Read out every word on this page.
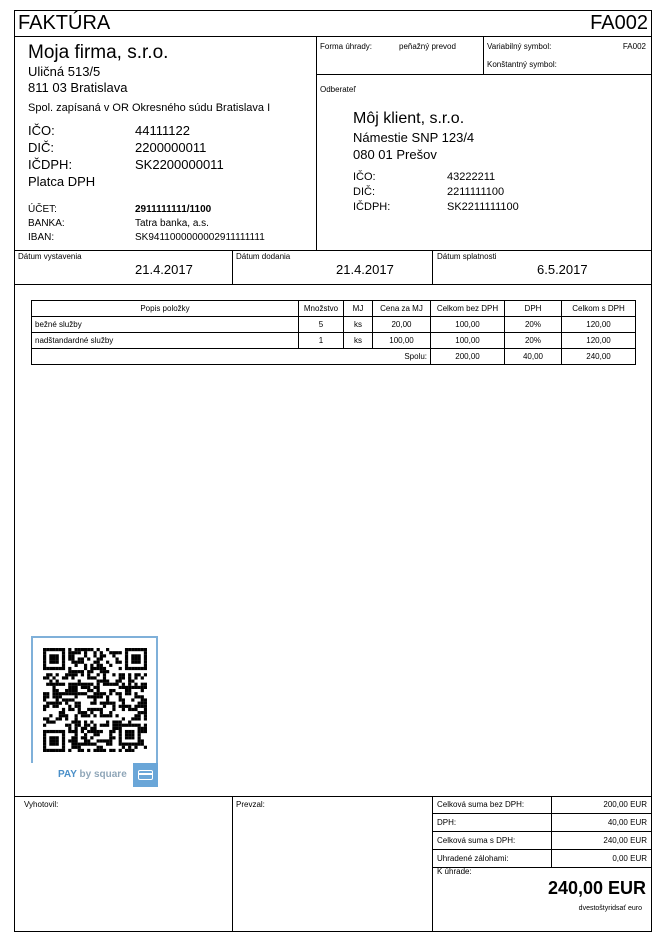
FAKTÚRA	FA002
Moja firma, s.r.o.
Uličná 513/5
811 03 Bratislava
Spol. zapísaná v OR Okresného súdu Bratislava I
IČO:	44111122
DIČ:	2200000011
IČDPH:	SK2200000011
Platca DPH
ÚČET:	2911111111/1100
BANKA:	Tatra banka, a.s.
IBAN:	SK9411000000002911111111
Forma úhrady:	peňažný prevod	Variabilný symbol:	FA002
Konštantný symbol:
Odberateľ
Môj klient, s.r.o.
Námestie SNP 123/4
080 01 Prešov
IČO:	43222211
DIČ:	2211111100
IČDPH:	SK2211111100
Dátum vystavenia
21.4.2017
Dátum dodania
21.4.2017
Dátum splatnosti
6.5.2017
Popis položky	Množstvo	MJ	Cena za MJ	Celkom bez DPH	DPH	Celkom s DPH
bežné služby	5	ks	20,00	100,00	20%	120,00
nadštandardné služby	1	ks	100,00	100,00	20%	120,00
Spolu:				200,00	40,00	240,00
PAY by square
Vyhotovil:	Prevzal:	Celková suma bez DPH:	200,00 EUR
DPH:	40,00 EUR
Celková suma s DPH:	240,00 EUR
Uhradené zálohami:	0,00 EUR
K úhrade:
240,00 EUR
dvestoštyridsať euro
